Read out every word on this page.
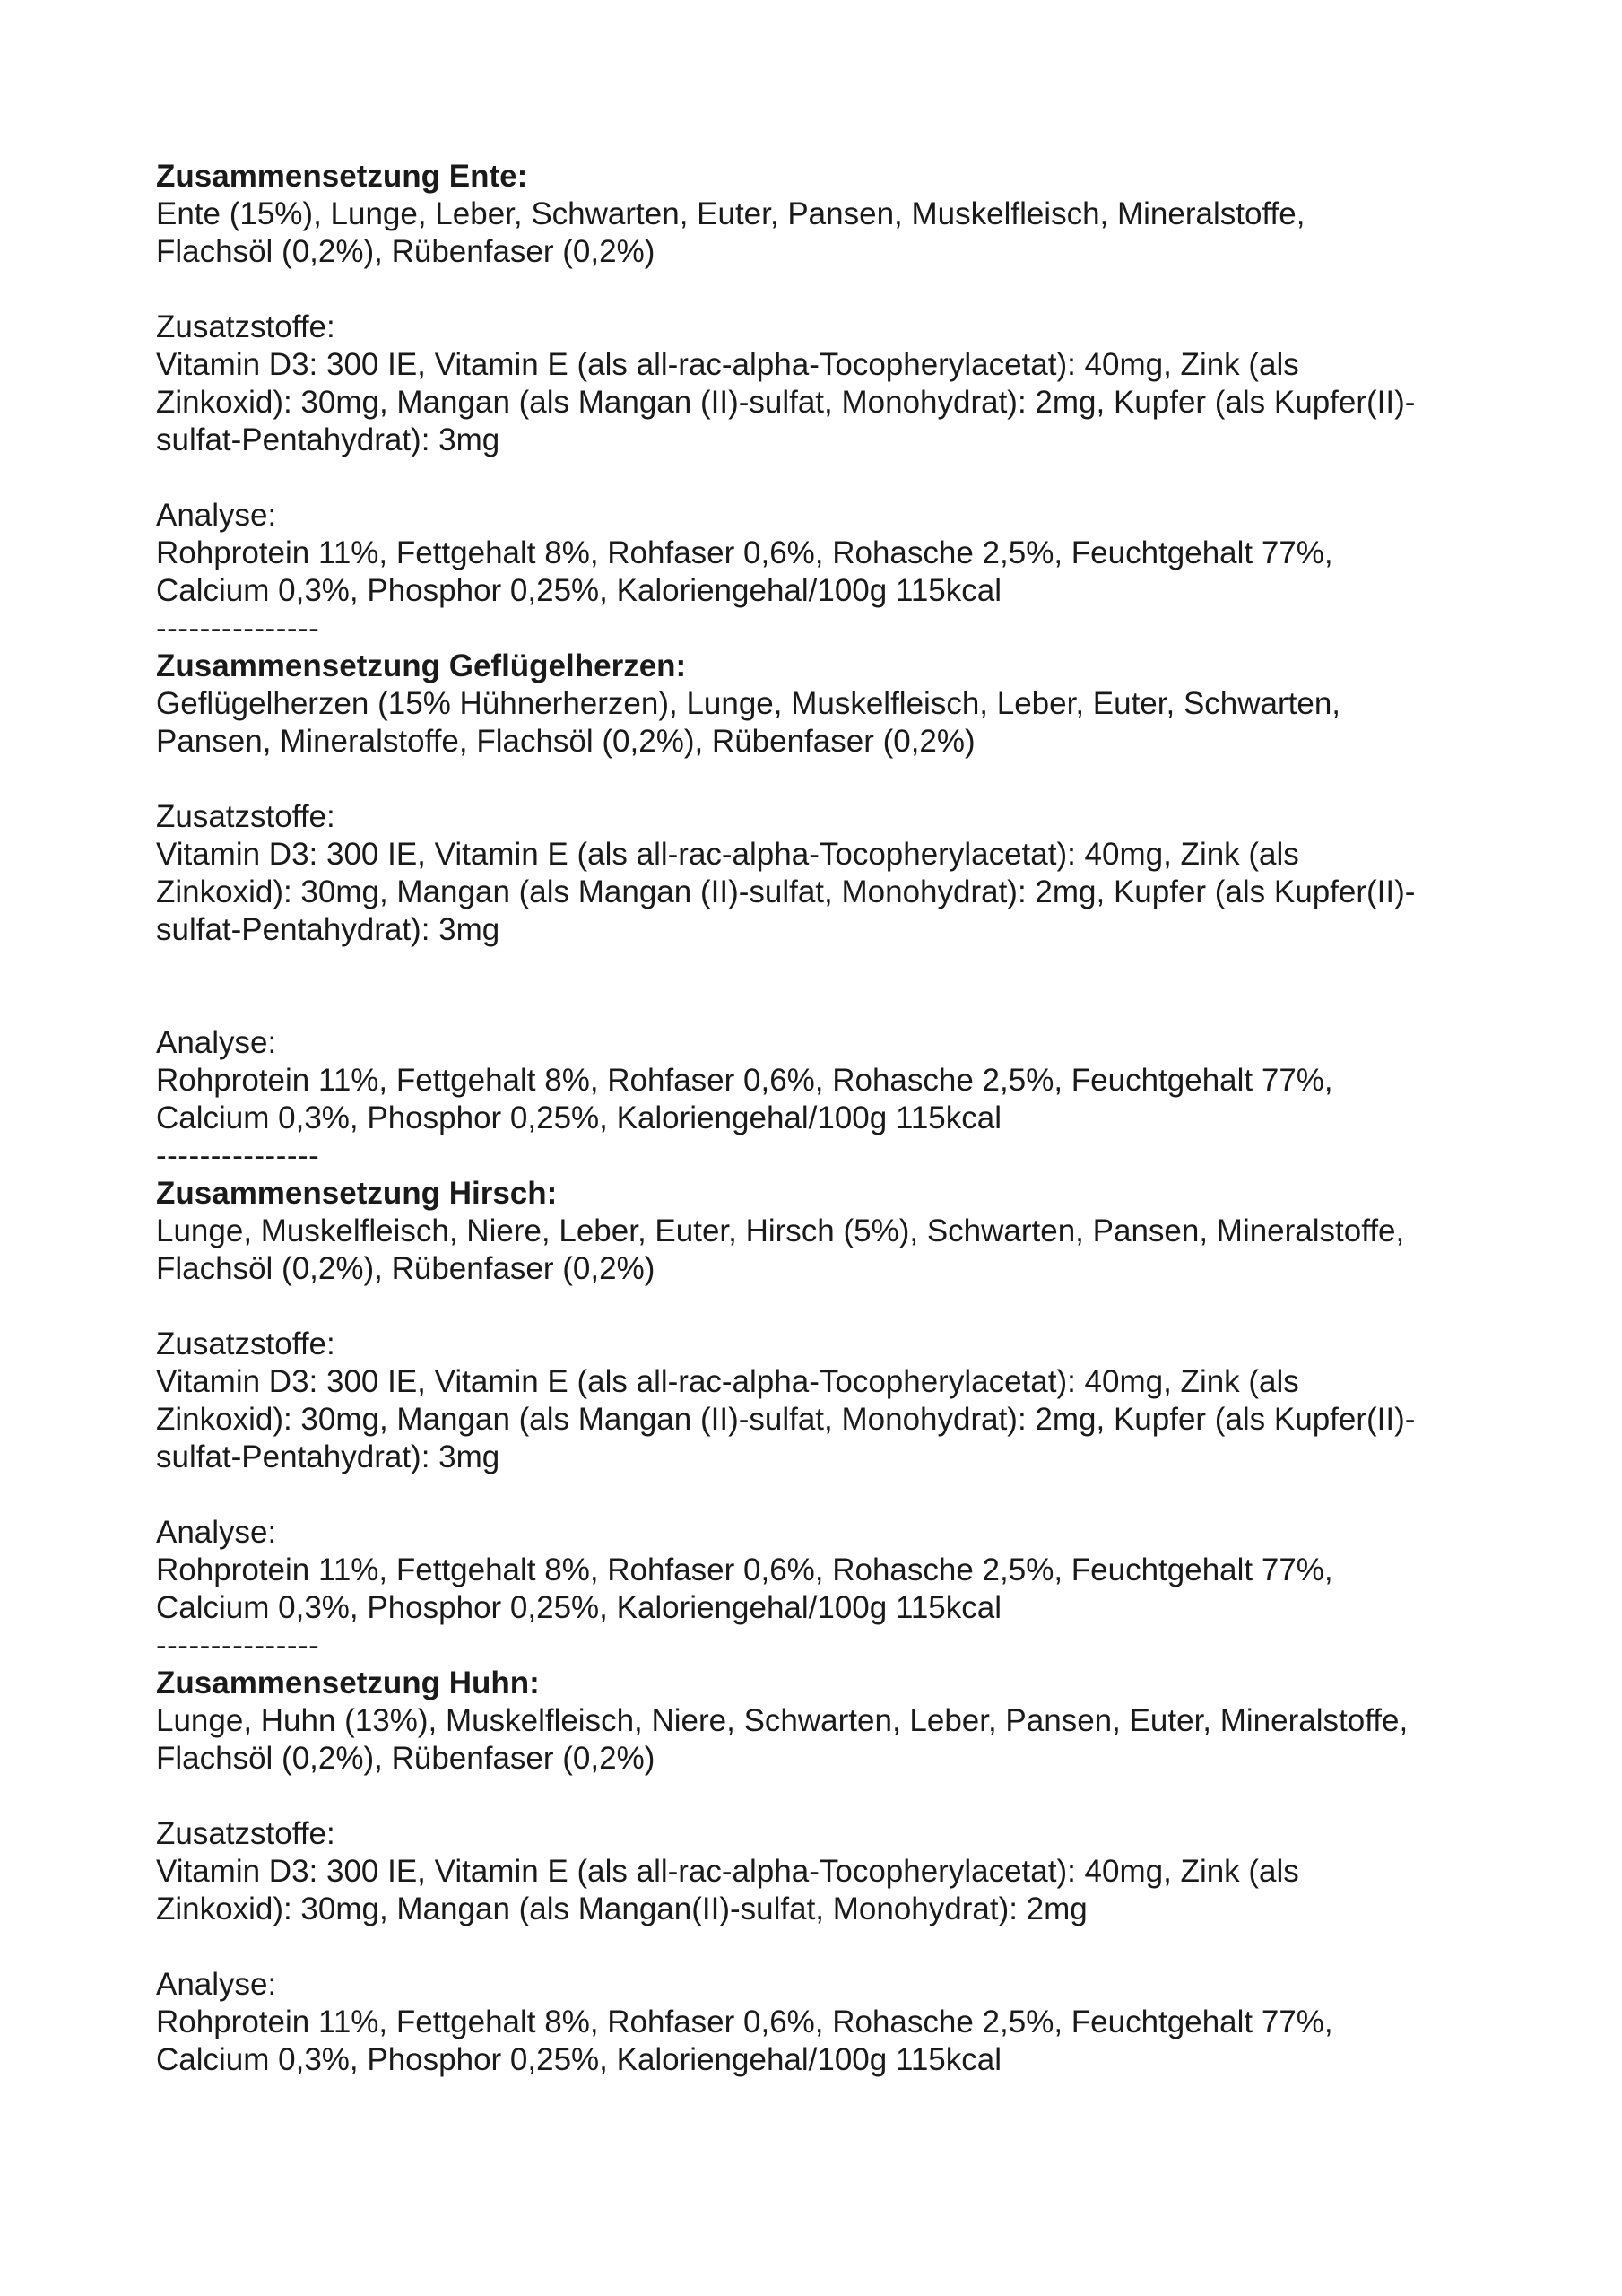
Zusammensetzung Ente:

Ente (15%), Lunge, Leber, Schwarten, Euter, Pansen, Muskelfleisch, Mineralstoffe,

Flachsöl (0,2%), Rübenfaser (0,2%)

Zusatzstoffe:

Vitamin D3: 300 IE, Vitamin E (als all-rac-alpha-Tocopherylacetat): 40mg, Zink (als

Zinkoxid): 30mg, Mangan (als Mangan (II)-sulfat, Monohydrat): 2mg, Kupfer (als Kupfer(II)-

sulfat-Pentahydrat): 3mg

Analyse:

Rohprotein 11%, Fettgehalt 8%, Rohfaser 0,6%, Rohasche 2,5%, Feuchtgehalt 77%,

Calcium 0,3%, Phosphor 0,25%, Kaloriengehal/100g 115kcal

---------------

Zusammensetzung Geflügelherzen:

Geflügelherzen (15% Hühnerherzen), Lunge, Muskelfleisch, Leber, Euter, Schwarten,

Pansen, Mineralstoffe, Flachsöl (0,2%), Rübenfaser (0,2%)

Zusatzstoffe:

Vitamin D3: 300 IE, Vitamin E (als all-rac-alpha-Tocopherylacetat): 40mg, Zink (als

Zinkoxid): 30mg, Mangan (als Mangan (II)-sulfat, Monohydrat): 2mg, Kupfer (als Kupfer(II)-

sulfat-Pentahydrat): 3mg

Analyse:

Rohprotein 11%, Fettgehalt 8%, Rohfaser 0,6%, Rohasche 2,5%, Feuchtgehalt 77%,

Calcium 0,3%, Phosphor 0,25%, Kaloriengehal/100g 115kcal

---------------

Zusammensetzung Hirsch:

Lunge, Muskelfleisch, Niere, Leber, Euter, Hirsch (5%), Schwarten, Pansen, Mineralstoffe,

Flachsöl (0,2%), Rübenfaser (0,2%)

Zusatzstoffe:

Vitamin D3: 300 IE, Vitamin E (als all-rac-alpha-Tocopherylacetat): 40mg, Zink (als

Zinkoxid): 30mg, Mangan (als Mangan (II)-sulfat, Monohydrat): 2mg, Kupfer (als Kupfer(II)-

sulfat-Pentahydrat): 3mg

Analyse:

Rohprotein 11%, Fettgehalt 8%, Rohfaser 0,6%, Rohasche 2,5%, Feuchtgehalt 77%,

Calcium 0,3%, Phosphor 0,25%, Kaloriengehal/100g 115kcal

---------------

Zusammensetzung Huhn:

Lunge, Huhn (13%), Muskelfleisch, Niere, Schwarten, Leber, Pansen, Euter, Mineralstoffe,

Flachsöl (0,2%), Rübenfaser (0,2%)

Zusatzstoffe:

Vitamin D3: 300 IE, Vitamin E (als all-rac-alpha-Tocopherylacetat): 40mg, Zink (als

Zinkoxid): 30mg, Mangan (als Mangan(II)-sulfat, Monohydrat): 2mg

Analyse:

Rohprotein 11%, Fettgehalt 8%, Rohfaser 0,6%, Rohasche 2,5%, Feuchtgehalt 77%,

Calcium 0,3%, Phosphor 0,25%, Kaloriengehal/100g 115kcal
